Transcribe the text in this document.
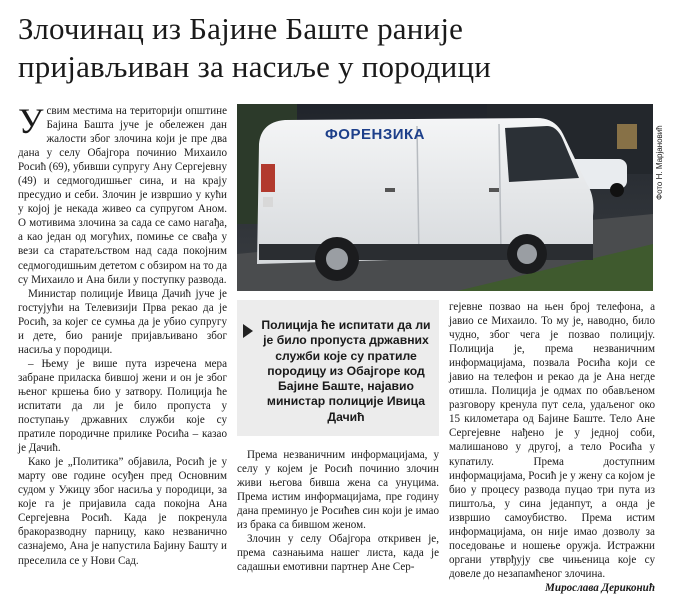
Злочинац из Бајине Баште раније
пријављиван за насиље у породици

Усвим местима на територији општине Бајина Башта јуче је обележен дан жалости због злочина који је пре два дана у селу Обајгора починио Михаило Росић (69), убивши супругу Ану Сергејевну (49) и седмогодишњег сина, и на крају пресудио и себи. Злочин је извршио у кући у којој је некада живео са супругом Аном. О мотивима злочина за сада се само нагађа, а као један од могућих, помиње се свађа у вези са старатељством над сада покојним седмогодишњим дететом с обзиром на то да су Михаило и Ана били у поступку развода.

Министар полиције Ивица Дачић јуче је гостујући на Телевизији Прва рекао да је Росић, за којег се сумња да је убио супругу и дете, био раније пријављивано због насиља у породици.

– Њему је више пута изречена мера забране приласка бившој жени и он је због њеног кршења био у затвору. Полиција ће испитати да ли је било пропуста у поступању државних служби које су пратиле породичне прилике Росића – казао је Дачић.

Како је „Политика” објавила, Росић је у марту ове године осуђен пред Основним судом у Ужицу због насиља у породици, за које га је пријавила сада покојна Ана Сергејевна Росић. Када је покренула бракоразводну парницу, како незванично сазнајемо, Ана је напустила Бајину Башту и преселила се у Нови Сад.

ФОРЕНЗИКА	Фото Н. Марјановић
Полиција ће испитати да ли је било пропуста државних служби које су пратиле породицу из Обајгоре код Бајине Баште, најавио министар полиције Ивица Дачић

Према незваничним информацијама, у селу у којем је Росић починио злочин живи његова бивша жена са унуцима. Према истим информацијама, пре годину дана преминуо је Росићев син који је имао из брака са бившом женом.

Злочин у селу Обајгора откривен је, према сазнањима нашег листа, када је садашњи емотивни партнер Ане Сер-

гејевне позвао на њен број телефона, а јавио се Михаило. То му је, наводно, било чудно, због чега је позвао полицију. Полиција је, према незваничним информацијама, позвала Росића који се јавио на телефон и рекао да је Ана негде отишла. Полиција је одмах по обављеном разговору кренула пут села, удаљеног око 15 километара од Бајине Баште. Тело Ане Сергејевне нађено је у једној соби, малишаново у другој, а тело Росића у купатилу. Према доступним информацијама, Росић је у жену са којом је био у процесу развода пуцао три пута из пиштоља, у сина једанпут, а онда је извршио самоубиство. Према истим информацијама, он није имао дозволу за поседовање и ношење оружја. Истражни органи утврђују све чињеница које су довеле до незапамћеног злочина.

Мирослава Дериконић
